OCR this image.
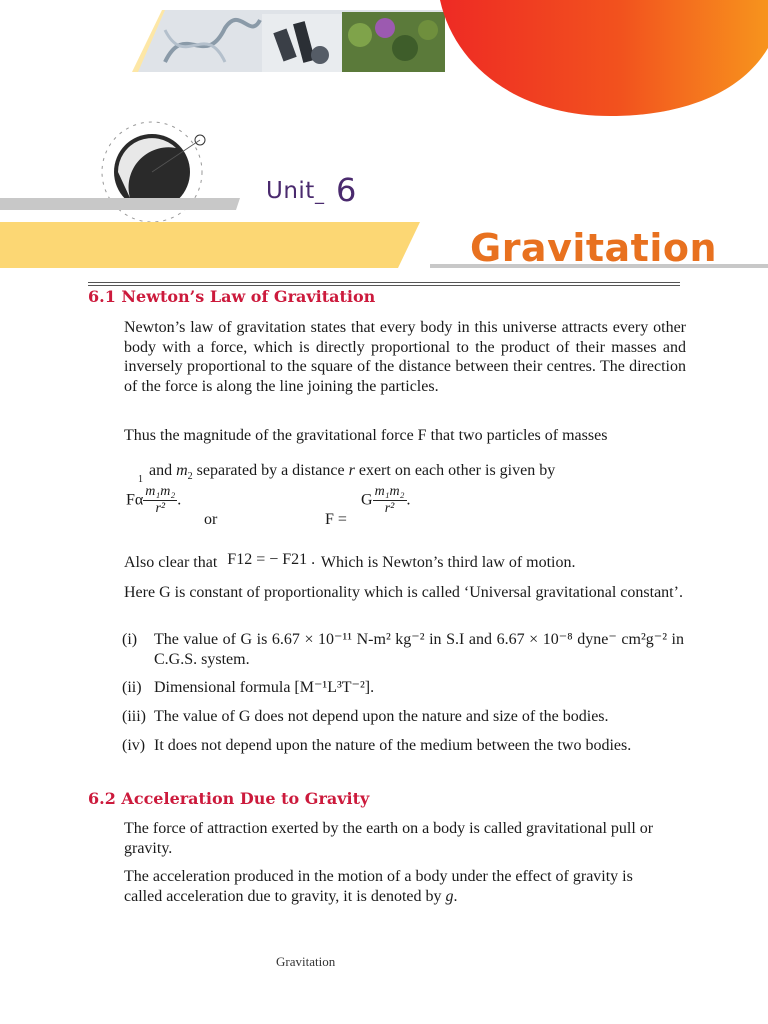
Unit _ 6
Gravitation
6.1 Newton’s Law of Gravitation
Newton’s law of gravitation states that every body in this universe attracts every other body with a force, which is directly proportional to the product of their masses and inversely proportional to the square of the distance between their centres. The direction of the force is along the line joining the particles.
Thus the magnitude of the gravitational force F that two particles of masses
$_1$ and $m_2$ separated by a distance r exert on each other is given by
Fα $\frac{\text{m₁m₂}}{\text{r²}}$ .
or	F =
G $\frac{\text{m₁m₂}}{\text{r²}}$ .
Also clear that F12 = − F21 . Which is Newton’s third law of motion.
Here G is constant of proportionality which is called ‘Universal gravitational constant’.
(i) The value of G is 6.67 × 10⁻¹¹ N-m² kg⁻² in S.I and 6.67 × 10⁻⁸ dyne⁻ cm²g⁻² in C.G.S. system.
(ii) Dimensional formula [M⁻¹L³T⁻²].
(iii) The value of G does not depend upon the nature and size of the bodies.
(iv) It does not depend upon the nature of the medium between the two bodies.
6.2 Acceleration Due to Gravity
The force of attraction exerted by the earth on a body is called gravitational pull or gravity.
The acceleration produced in the motion of a body under the effect of gravity is called acceleration due to gravity, it is denoted by g.
Gravitation
